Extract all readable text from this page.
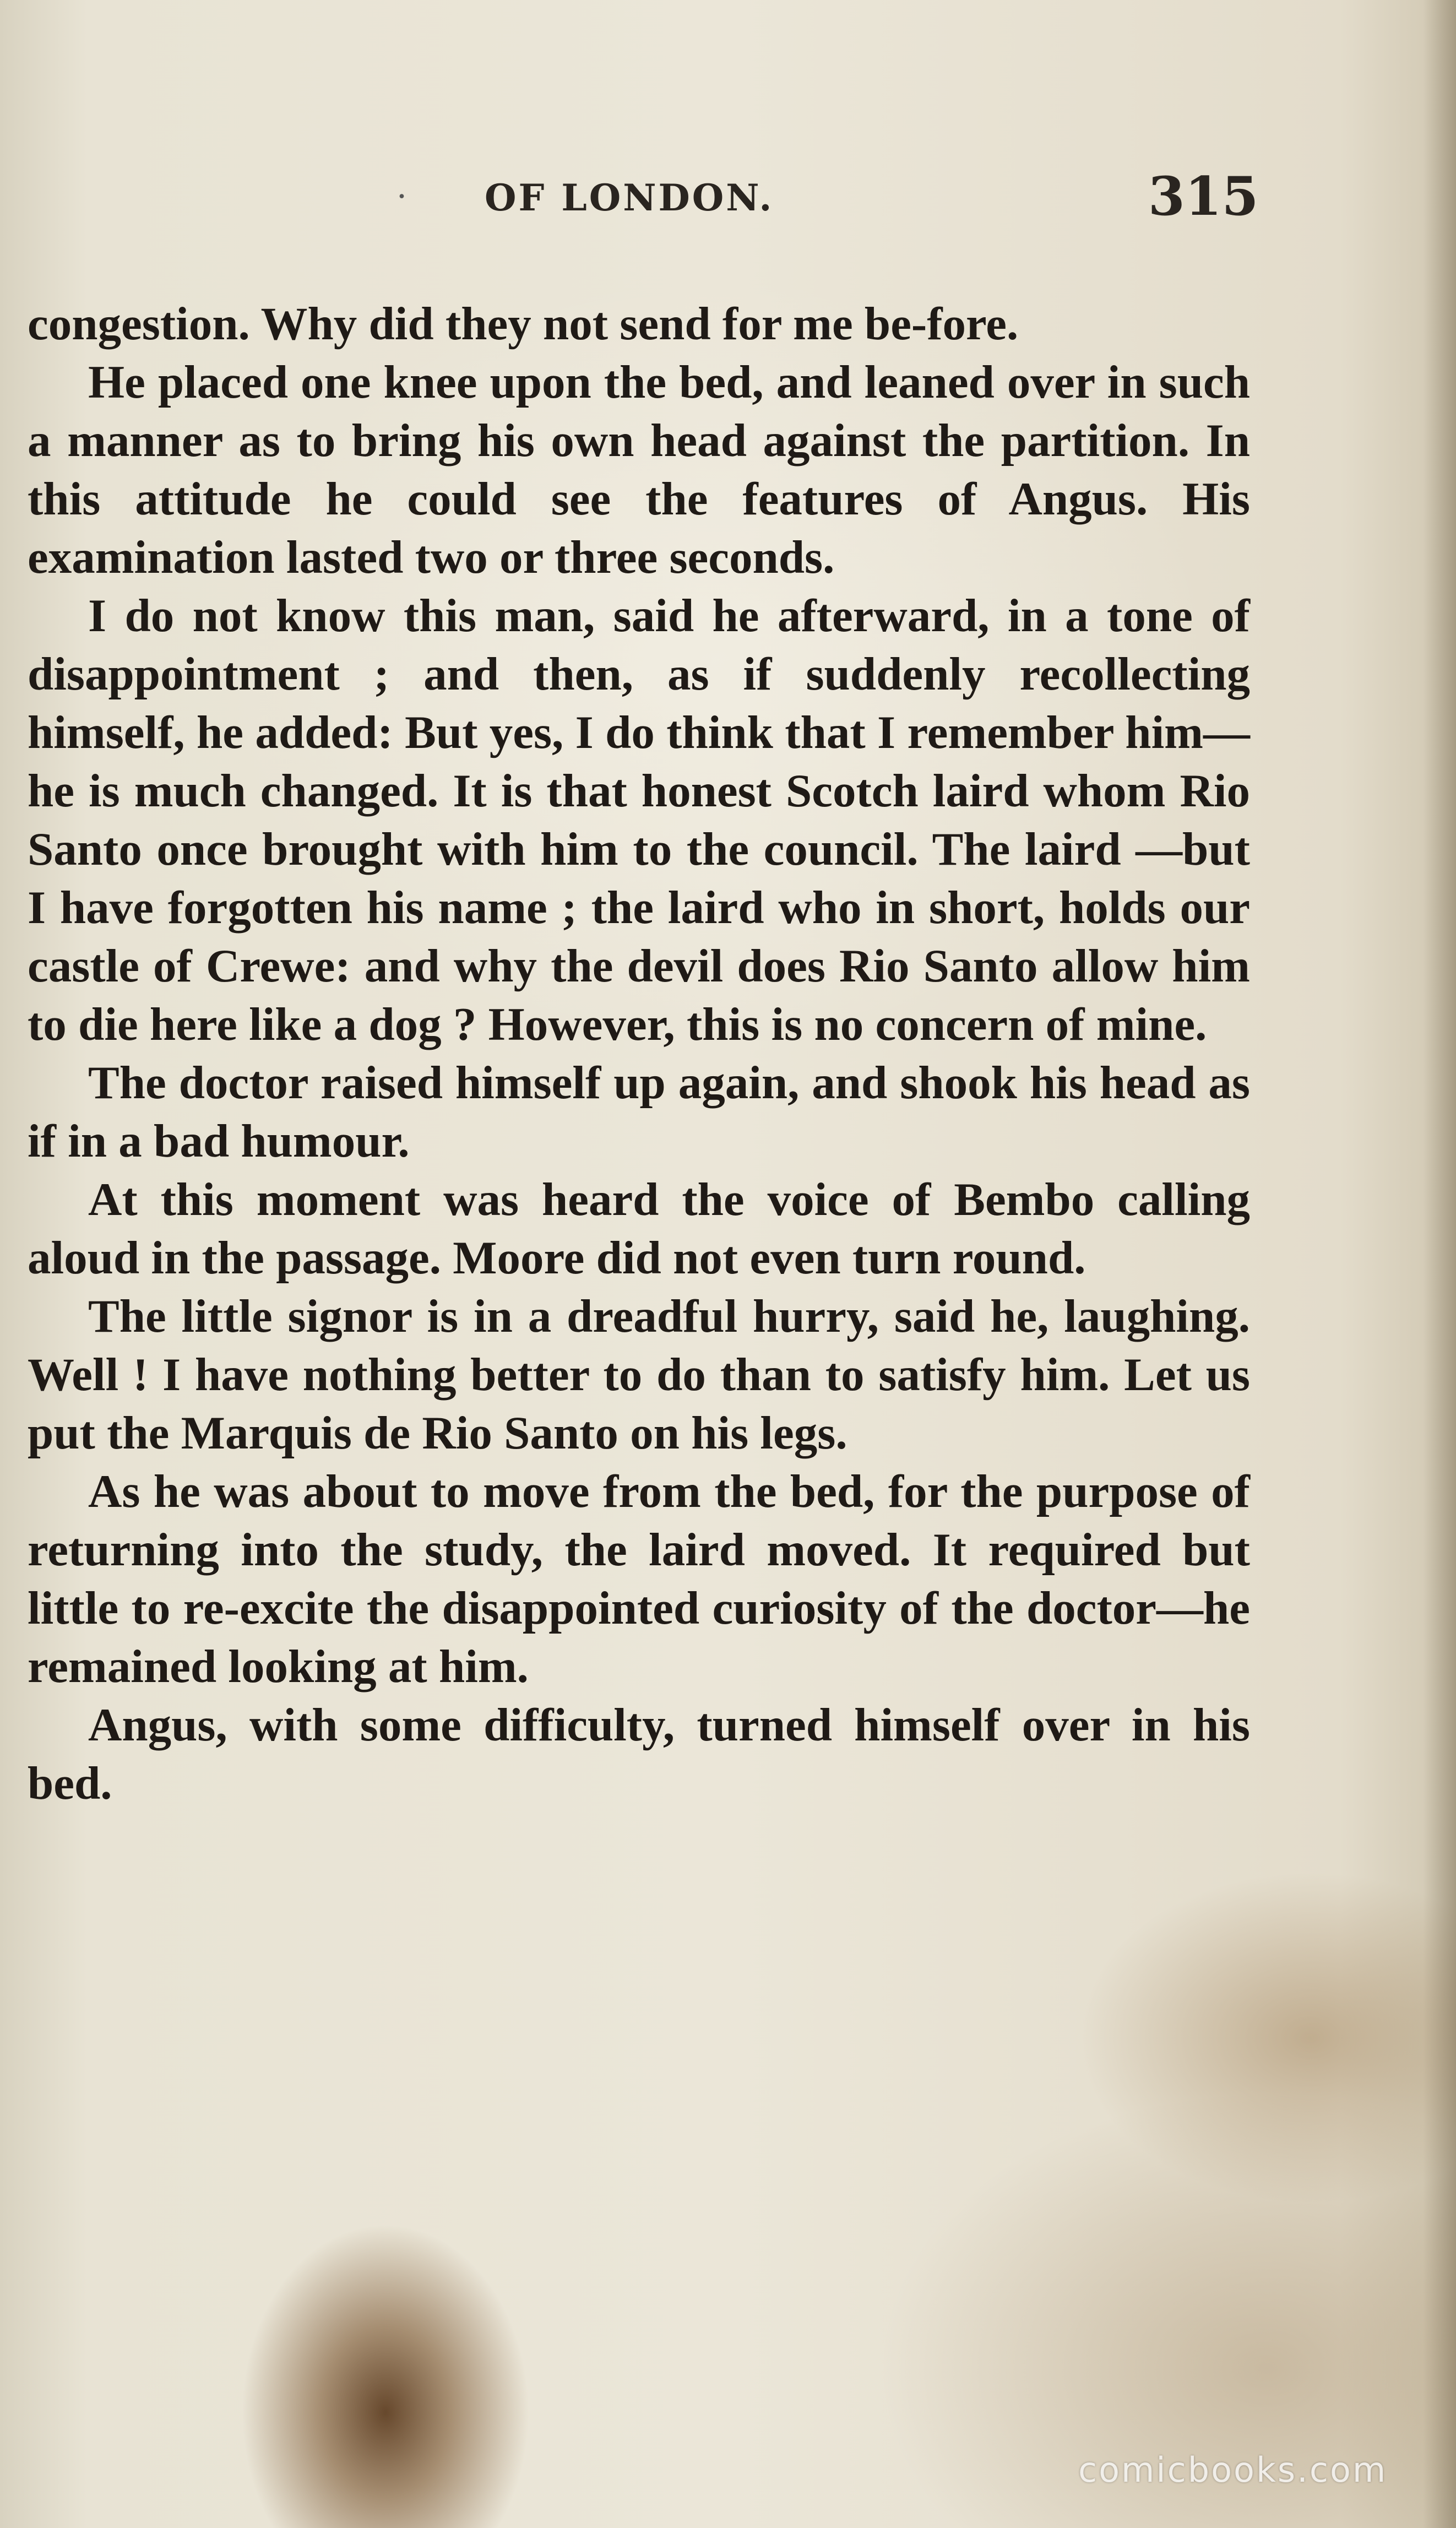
· OF LONDON.	315

congestion. Why did they not send for me be-fore.

He placed one knee upon the bed, and leaned over in such a manner as to bring his own head against the partition. In this attitude he could see the features of Angus. His examination lasted two or three seconds.

I do not know this man, said he afterward, in a tone of disappointment ; and then, as if suddenly recollecting himself, he added: But yes, I do think that I remember him—he is much changed. It is that honest Scotch laird whom Rio Santo once brought with him to the council. The laird —but I have forgotten his name ; the laird who in short, holds our castle of Crewe: and why the devil does Rio Santo allow him to die here like a dog ? However, this is no concern of mine.

The doctor raised himself up again, and shook his head as if in a bad humour.

At this moment was heard the voice of Bembo calling aloud in the passage. Moore did not even turn round.

The little signor is in a dreadful hurry, said he, laughing. Well ! I have nothing better to do than to satisfy him. Let us put the Marquis de Rio Santo on his legs.

As he was about to move from the bed, for the purpose of returning into the study, the laird moved. It required but little to re-excite the disappointed curiosity of the doctor—he remained looking at him.

Angus, with some difficulty, turned himself over in his bed.

comicbooks.com
